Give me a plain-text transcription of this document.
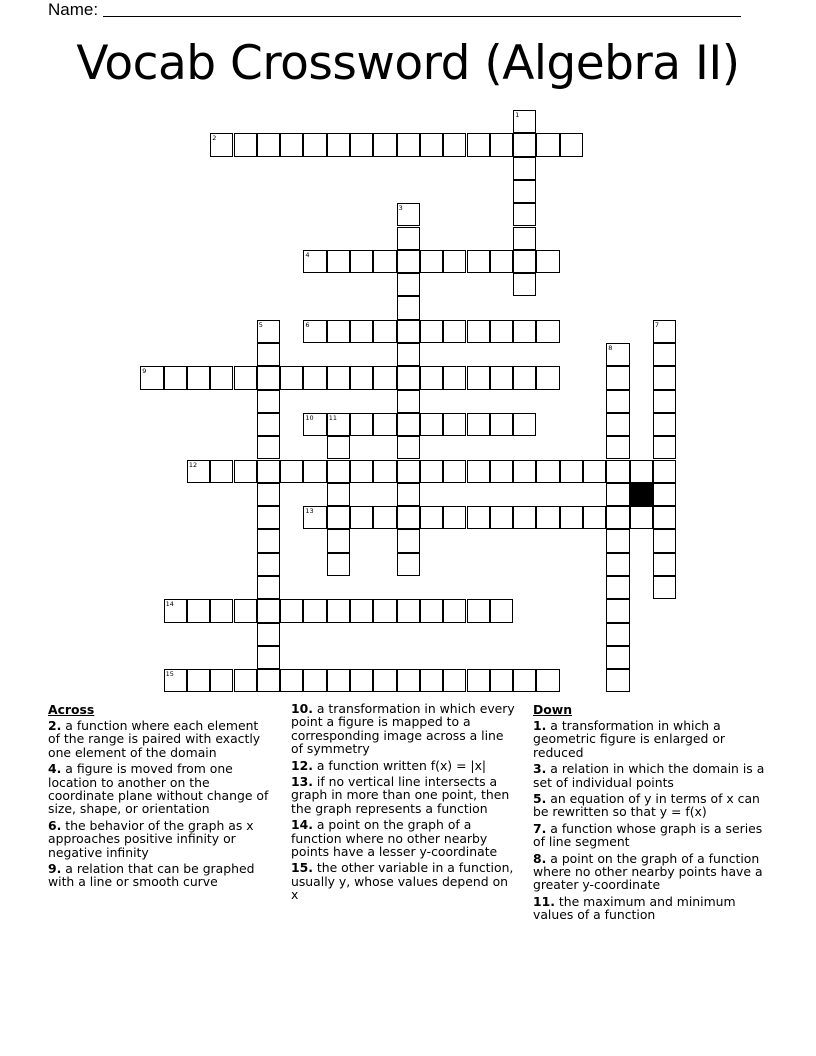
Name:
Vocab Crossword (Algebra II)
1
2
3
4
5	6	7
8
9
10 11
12
13
14
15
Across
2. a function where each element of the range is paired with exactly one element of the domain
4. a figure is moved from one location to another on the coordinate plane without change of size, shape, or orientation
6. the behavior of the graph as x approaches positive infinity or negative infinity
9. a relation that can be graphed with a line or smooth curve
10. a transformation in which every point a figure is mapped to a corresponding image across a line of symmetry
12. a function written f(x) = |x|
13. if no vertical line intersects a graph in more than one point, then the graph represents a function
14. a point on the graph of a function where no other nearby points have a lesser y-coordinate
15. the other variable in a function, usually y, whose values depend on x
Down
1. a transformation in which a geometric figure is enlarged or reduced
3. a relation in which the domain is a set of individual points
5. an equation of y in terms of x can be rewritten so that y = f(x)
7. a function whose graph is a series of line segment
8. a point on the graph of a function where no other nearby points have a greater y-coordinate
11. the maximum and minimum values of a function
